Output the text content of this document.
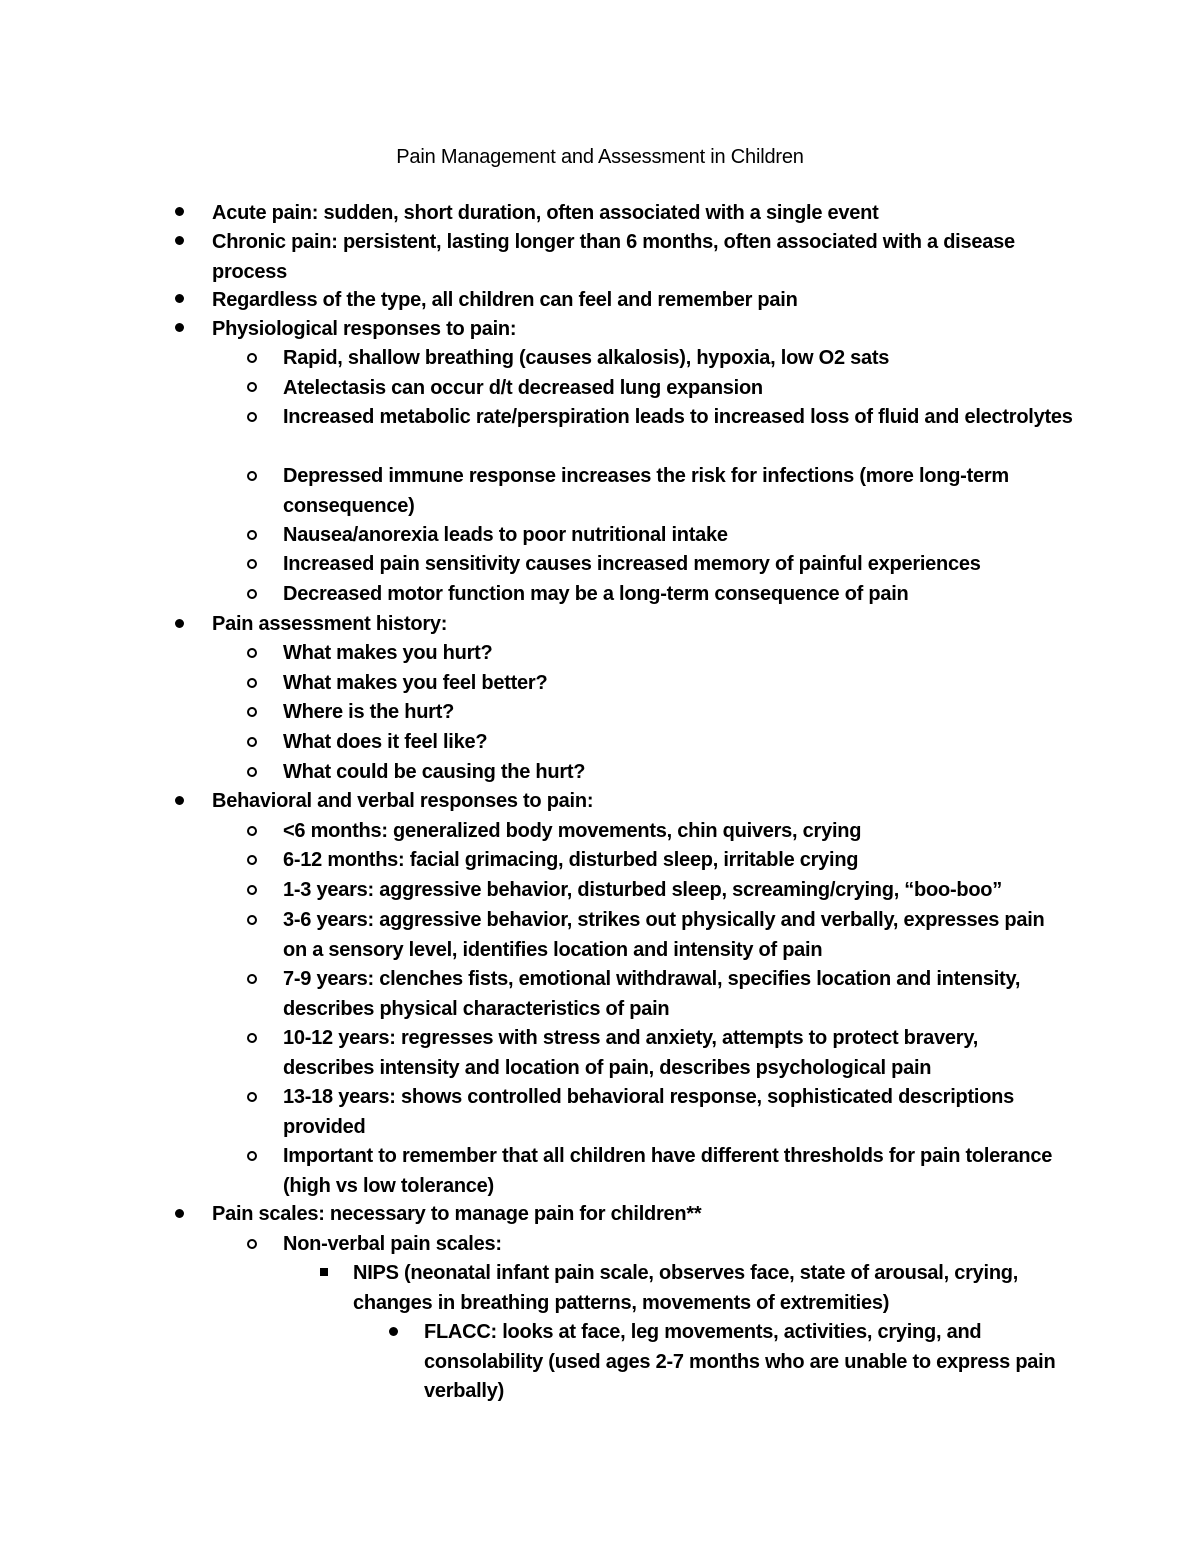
Pain Management and Assessment in Children
Acute pain: sudden, short duration, often associated with a single event
Chronic pain: persistent, lasting longer than 6 months, often associated with a disease process
Regardless of the type, all children can feel and remember pain
Physiological responses to pain:
Rapid, shallow breathing (causes alkalosis), hypoxia, low O2 sats
Atelectasis can occur d/t decreased lung expansion
Increased metabolic rate/perspiration leads to increased loss of fluid and electrolytes
Depressed immune response increases the risk for infections (more long-term consequence)
Nausea/anorexia leads to poor nutritional intake
Increased pain sensitivity causes increased memory of painful experiences
Decreased motor function may be a long-term consequence of pain
Pain assessment history:
What makes you hurt?
What makes you feel better?
Where is the hurt?
What does it feel like?
What could be causing the hurt?
Behavioral and verbal responses to pain:
<6 months: generalized body movements, chin quivers, crying
6-12 months: facial grimacing, disturbed sleep, irritable crying
1-3 years: aggressive behavior, disturbed sleep, screaming/crying, “boo-boo”
3-6 years: aggressive behavior, strikes out physically and verbally, expresses pain on a sensory level, identifies location and intensity of pain
7-9 years: clenches fists, emotional withdrawal, specifies location and intensity, describes physical characteristics of pain
10-12 years: regresses with stress and anxiety, attempts to protect bravery, describes intensity and location of pain, describes psychological pain
13-18 years: shows controlled behavioral response, sophisticated descriptions provided
Important to remember that all children have different thresholds for pain tolerance (high vs low tolerance)
Pain scales: necessary to manage pain for children**
Non-verbal pain scales:
NIPS (neonatal infant pain scale, observes face, state of arousal, crying, changes in breathing patterns, movements of extremities)
FLACC: looks at face, leg movements, activities, crying, and consolability (used ages 2-7 months who are unable to express pain verbally)
